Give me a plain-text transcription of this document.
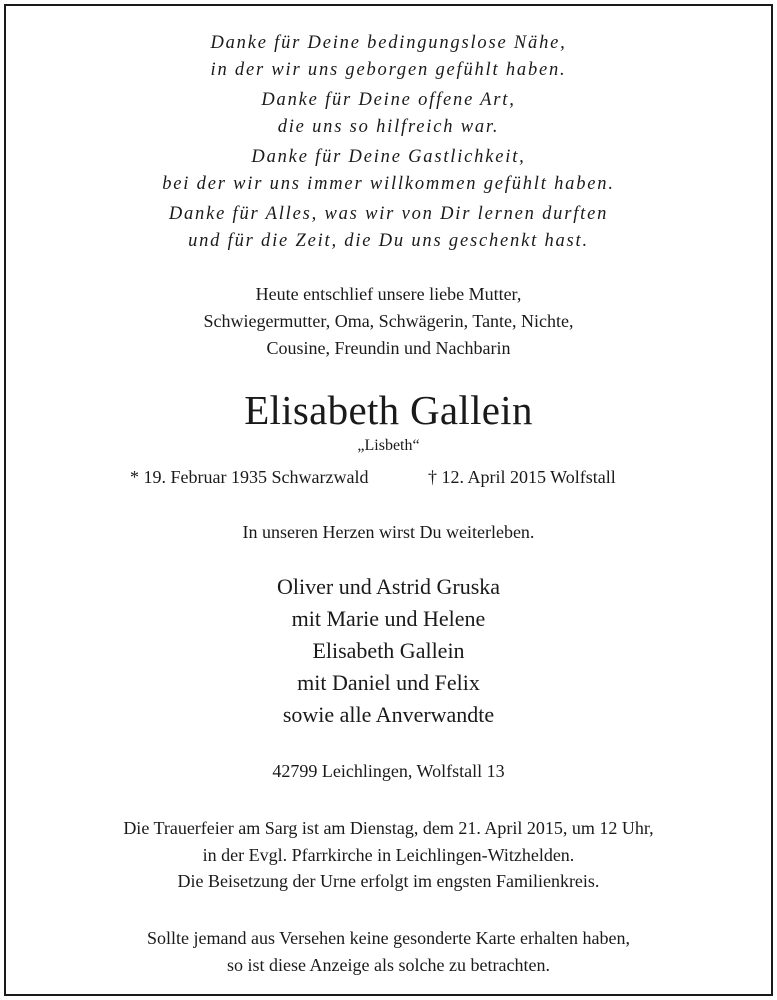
Danke für Deine bedingungslose Nähe,
in der wir uns geborgen gefühlt haben.
Danke für Deine offene Art,
die uns so hilfreich war.
Danke für Deine Gastlichkeit,
bei der wir uns immer willkommen gefühlt haben.
Danke für Alles, was wir von Dir lernen durften
und für die Zeit, die Du uns geschenkt hast.
Heute entschlief unsere liebe Mutter,
Schwiegermutter, Oma, Schwägerin, Tante, Nichte,
Cousine, Freundin und Nachbarin
Elisabeth Gallein
„Lisbeth“
* 19. Februar 1935 Schwarzwald	† 12. April 2015 Wolfstall
In unseren Herzen wirst Du weiterleben.
Oliver und Astrid Gruska
mit Marie und Helene
Elisabeth Gallein
mit Daniel und Felix
sowie alle Anverwandte
42799 Leichlingen, Wolfstall 13
Die Trauerfeier am Sarg ist am Dienstag, dem 21. April 2015, um 12 Uhr,
in der Evgl. Pfarrkirche in Leichlingen-Witzhelden.
Die Beisetzung der Urne erfolgt im engsten Familienkreis.
Sollte jemand aus Versehen keine gesonderte Karte erhalten haben,
so ist diese Anzeige als solche zu betrachten.
